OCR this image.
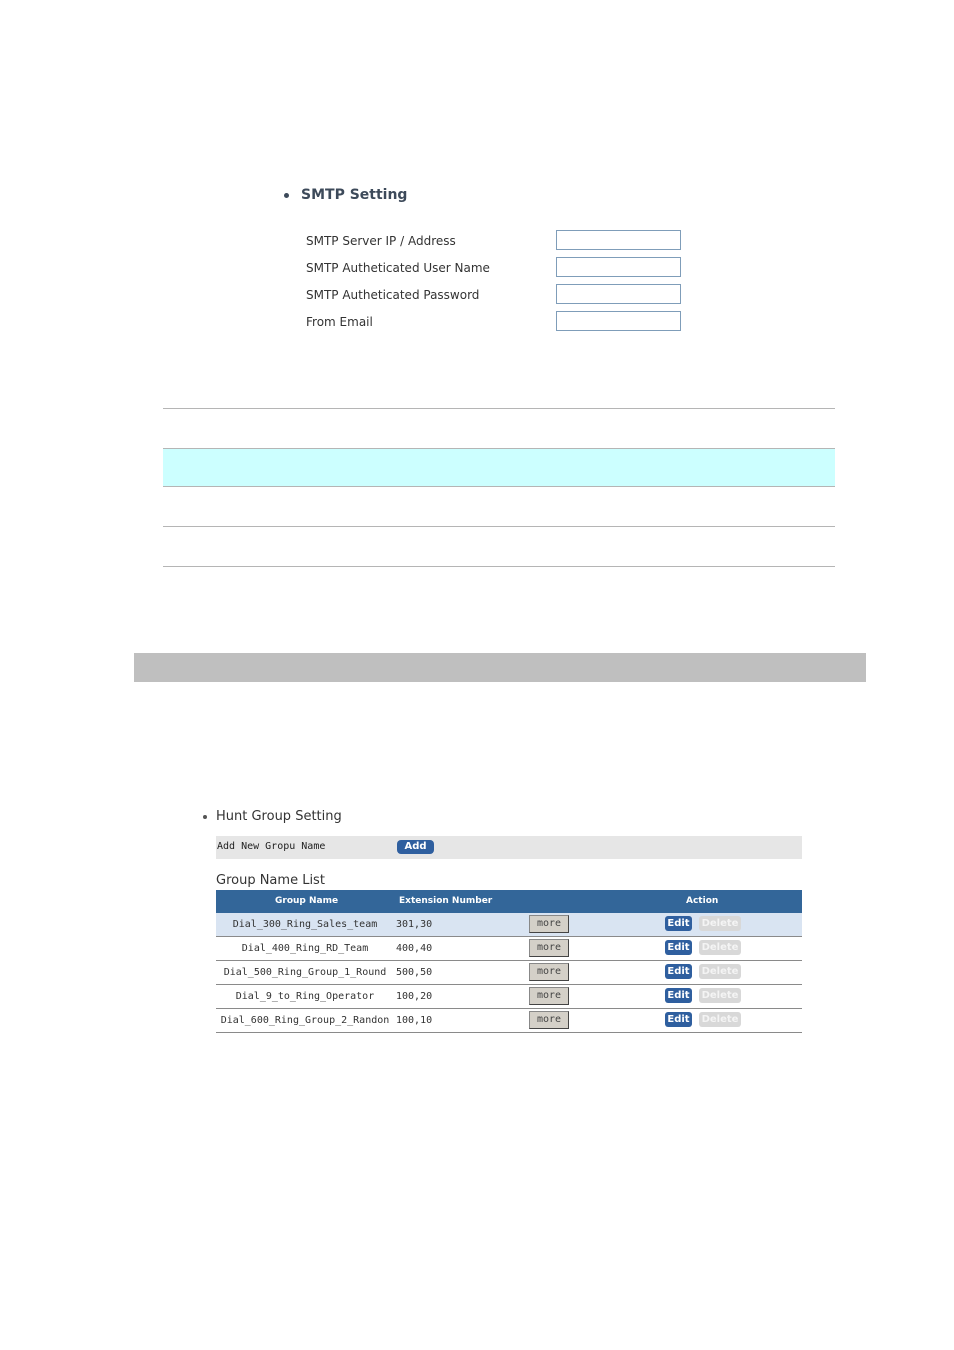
SMTP Setting
SMTP Server IP / Address
SMTP Autheticated User Name
SMTP Autheticated Password
From Email
Hunt Group Setting
Add New Gropu Name	Add
Group Name List
Group Name	Extension Number	Action
Dial_300_Ring_Sales_team	301,30	more	Edit Delete
Dial_400_Ring_RD_Team	400,40	more	Edit Delete
Dial_500_Ring_Group_1_Round 500,50	more	Edit Delete
Dial_9_to_Ring_Operator	100,20	more	Edit Delete
Dial_600_Ring_Group_2_Randon 100,10	more	Edit Delete
